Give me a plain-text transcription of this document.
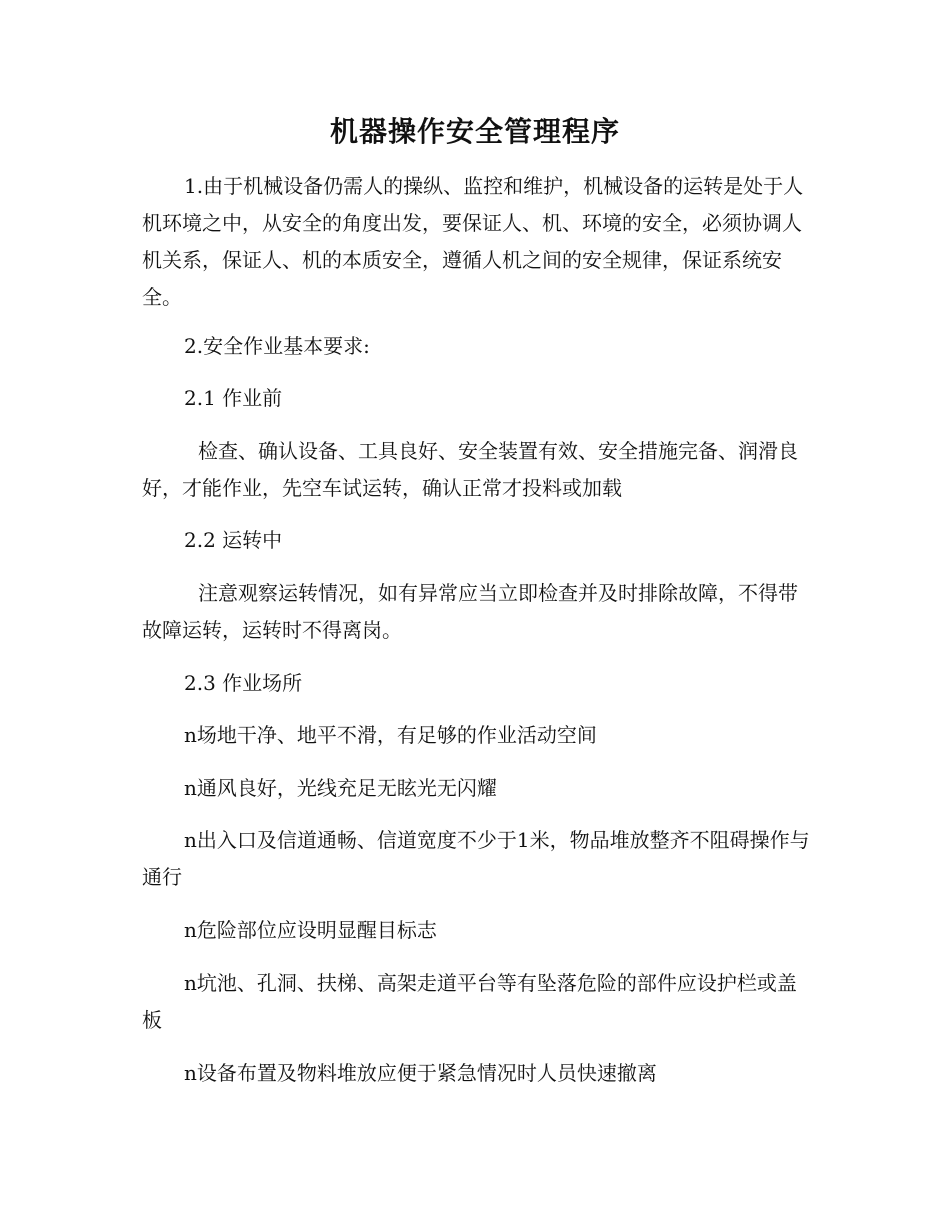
机器操作安全管理程序
1.由于机械设备仍需人的操纵、监控和维护，机械设备的运转是处于人机环境之中，从安全的角度出发，要保证人、机、环境的安全，必须协调人机关系，保证人、机的本质安全，遵循人机之间的安全规律，保证系统安全。
2.安全作业基本要求:
2.1 作业前
检查、确认设备、工具良好、安全装置有效、安全措施完备、润滑良好，才能作业，先空车试运转，确认正常才投料或加载
2.2 运转中
注意观察运转情况，如有异常应当立即检查并及时排除故障，不得带故障运转，运转时不得离岗。
2.3 作业场所
n场地干净、地平不滑，有足够的作业活动空间
n通风良好，光线充足无眩光无闪耀
n出入口及信道通畅、信道宽度不少于1米，物品堆放整齐不阻碍操作与通行
n危险部位应设明显醒目标志
n坑池、孔洞、扶梯、高架走道平台等有坠落危险的部件应设护栏或盖板
n设备布置及物料堆放应便于紧急情况时人员快速撤离
